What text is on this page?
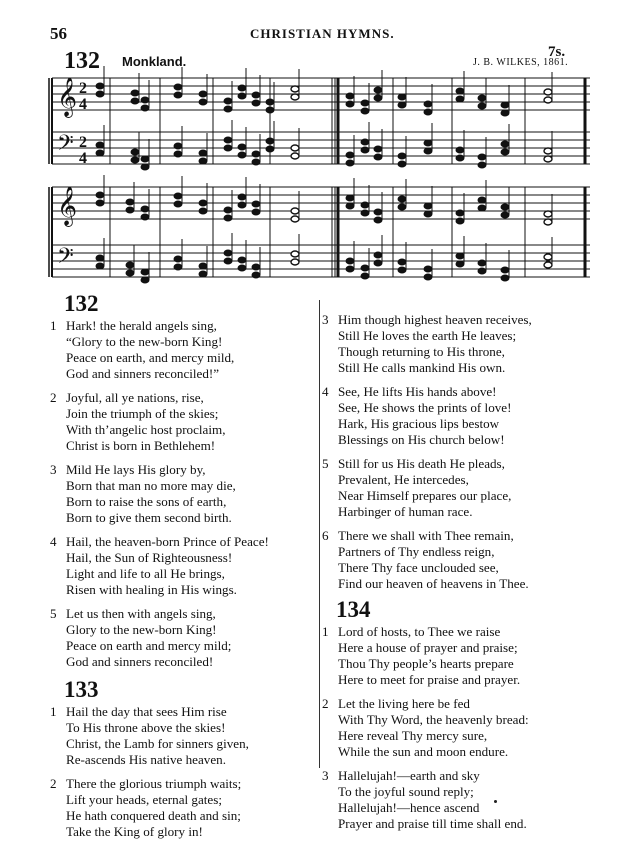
56	CHRISTIAN HYMNS.
132 Monkland.
7s.
J. B. WILKES, 1861.
𝄞
𝄢
𝄞
𝄢
2
4
2
4
132
1 Hark! the herald angels sing,
“Glory to the new-born King!
Peace on earth, and mercy mild,
God and sinners reconciled!”
2 Joyful, all ye nations, rise,
Join the triumph of the skies;
With th’angelic host proclaim,
Christ is born in Bethlehem!
3 Mild He lays His glory by,
Born that man no more may die,
Born to raise the sons of earth,
Born to give them second birth.
4 Hail, the heaven-born Prince of Peace!
Hail, the Sun of Righteousness!
Light and life to all He brings,
Risen with healing in His wings.
5 Let us then with angels sing,
Glory to the new-born King!
Peace on earth and mercy mild;
God and sinners reconciled!
133
1 Hail the day that sees Him rise
To His throne above the skies!
Christ, the Lamb for sinners given,
Re-ascends His native heaven.
2 There the glorious triumph waits;
Lift your heads, eternal gates;
He hath conquered death and sin;
Take the King of glory in!
3 Him though highest heaven receives,
Still He loves the earth He leaves;
Though returning to His throne,
Still He calls mankind His own.
4 See, He lifts His hands above!
See, He shows the prints of love!
Hark, His gracious lips bestow
Blessings on His church below!
5 Still for us His death He pleads,
Prevalent, He intercedes,
Near Himself prepares our place,
Harbinger of human race.
6 There we shall with Thee remain,
Partners of Thy endless reign,
There Thy face unclouded see,
Find our heaven of heavens in Thee.
134
1 Lord of hosts, to Thee we raise
Here a house of prayer and praise;
Thou Thy people’s hearts prepare
Here to meet for praise and prayer.
2 Let the living here be fed
With Thy Word, the heavenly bread:
Here reveal Thy mercy sure,
While the sun and moon endure.
3 Hallelujah!—earth and sky
To the joyful sound reply;
Hallelujah!—hence ascend
Prayer and praise till time shall end.
